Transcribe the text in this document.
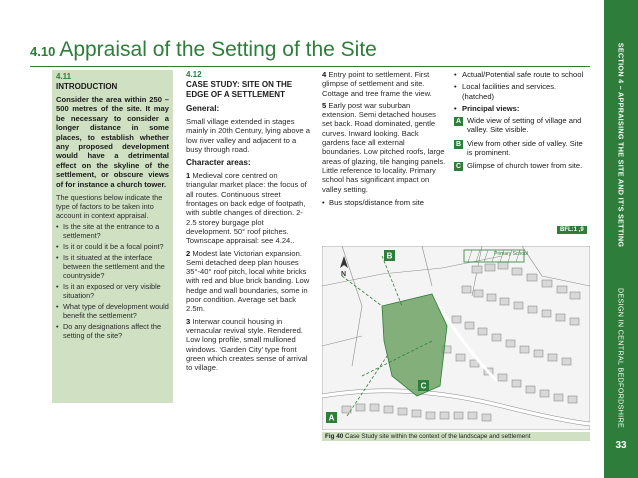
4.10 Appraisal of the Setting of the Site
4.11
INTRODUCTION
Consider the area within 250 – 500 metres of the site. It may be necessary to consider a longer distance in some places, to establish whether any proposed development would have a detrimental effect on the skyline of the settlement, or obscure views of for instance a church tower.
The questions below indicate the type of factors to be taken into account in context appraisal.
• Is the site at the entrance to a settlement?
• Is it or could it be a focal point?
• Is it situated at the interface between the settlement and the countryside?
• Is it an exposed or very visible situation?
• What type of development would benefit the settlement?
• Do any designations affect the setting of the site?
4.12
CASE STUDY: SITE ON THE EDGE OF A SETTLEMENT
General:

Small village extended in stages mainly in 20th Century, lying above a low river valley and adjacent to a busy through road.

Character areas:

1 Medieval core centred on triangular market place: the focus of all routes. Continuous street frontages on back edge of footpath, with subtle changes of direction. 2-2.5 storey burgage plot development. 50° roof pitches. Townscape appraisal: see 4.24..

2 Modest late Victorian expansion. Semi detached deep plan houses 35°-40° roof pitch, local white bricks with red and blue brick banding. Low hedge and wall boundaries, some in poor condition. Average set back 2.5m.

3 Interwar council housing in vernacular revival style. Rendered. Low long profile, small mullioned windows. ‘Garden City’ type front green which creates sense of arrival to village.

4 Entry point to settlement. First glimpse of settlement and site. Cottage and tree frame the view.

5 Early post war suburban extension. Semi detached houses set back. Road dominated, gentle curves. Inward looking. Back gardens face all external boundaries. Low pitched roofs, large areas of glazing, tile hanging panels. Little reference to locality. Primary school has significant impact on valley setting.

• Bus stops/distance from site
• Actual/Potential safe route to school
• Local facilities and services. (hatched)
• Principal views:
A Wide view of setting of village and valley. Site visible.
B View from other side of valley. Site is prominent.
C Glimpse of church tower from site.
BFL:1 ,9
Primary School
N
B
C
A
Fig 40 Case Study site within the context of the landscape and settlement
SECTION 4 – APPRAISING THE SITE AND IT'S SETTING
DESIGN IN CENTRAL BEDFORDSHIRE
33
